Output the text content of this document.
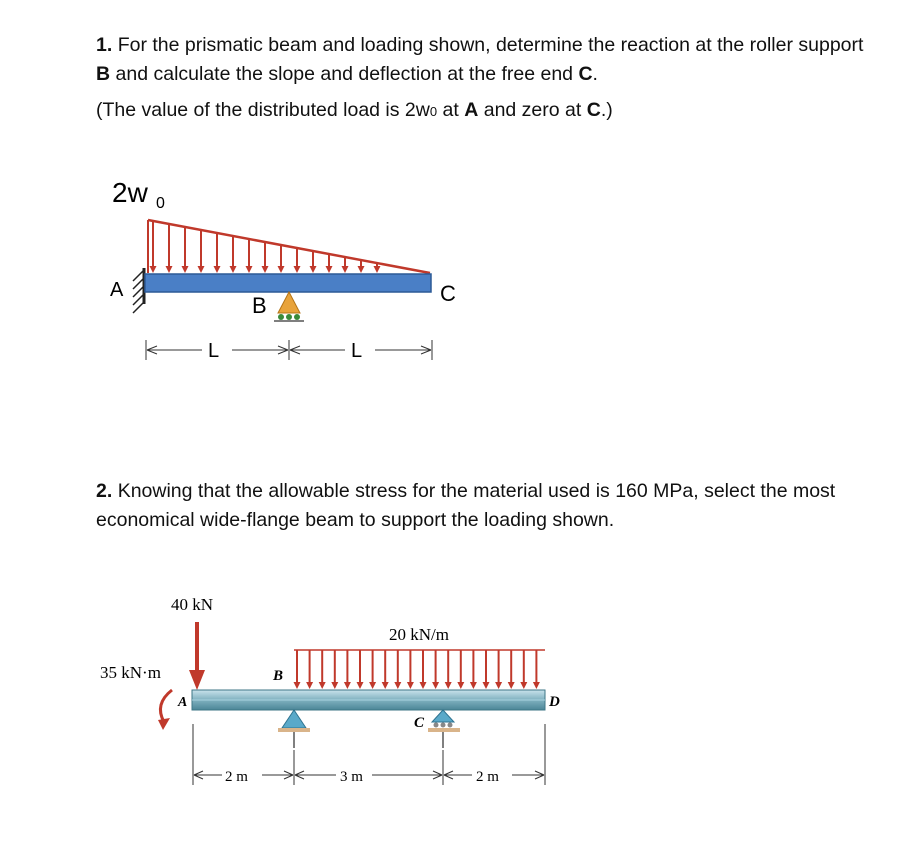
1. For the prismatic beam and loading shown, determine the reaction at the roller support B and calculate the slope and deflection at the free end C.

(The value of the distributed load is 2w0 at A and zero at C.)

2. Knowing that the allowable stress for the material used is 160 MPa, select the most economical wide-flange beam to support the loading shown.

2w 0
A
B	C
L	L
40 kN
35 kN·m
A
20 kN/m
B
D
C
2 m	3 m	2 m
